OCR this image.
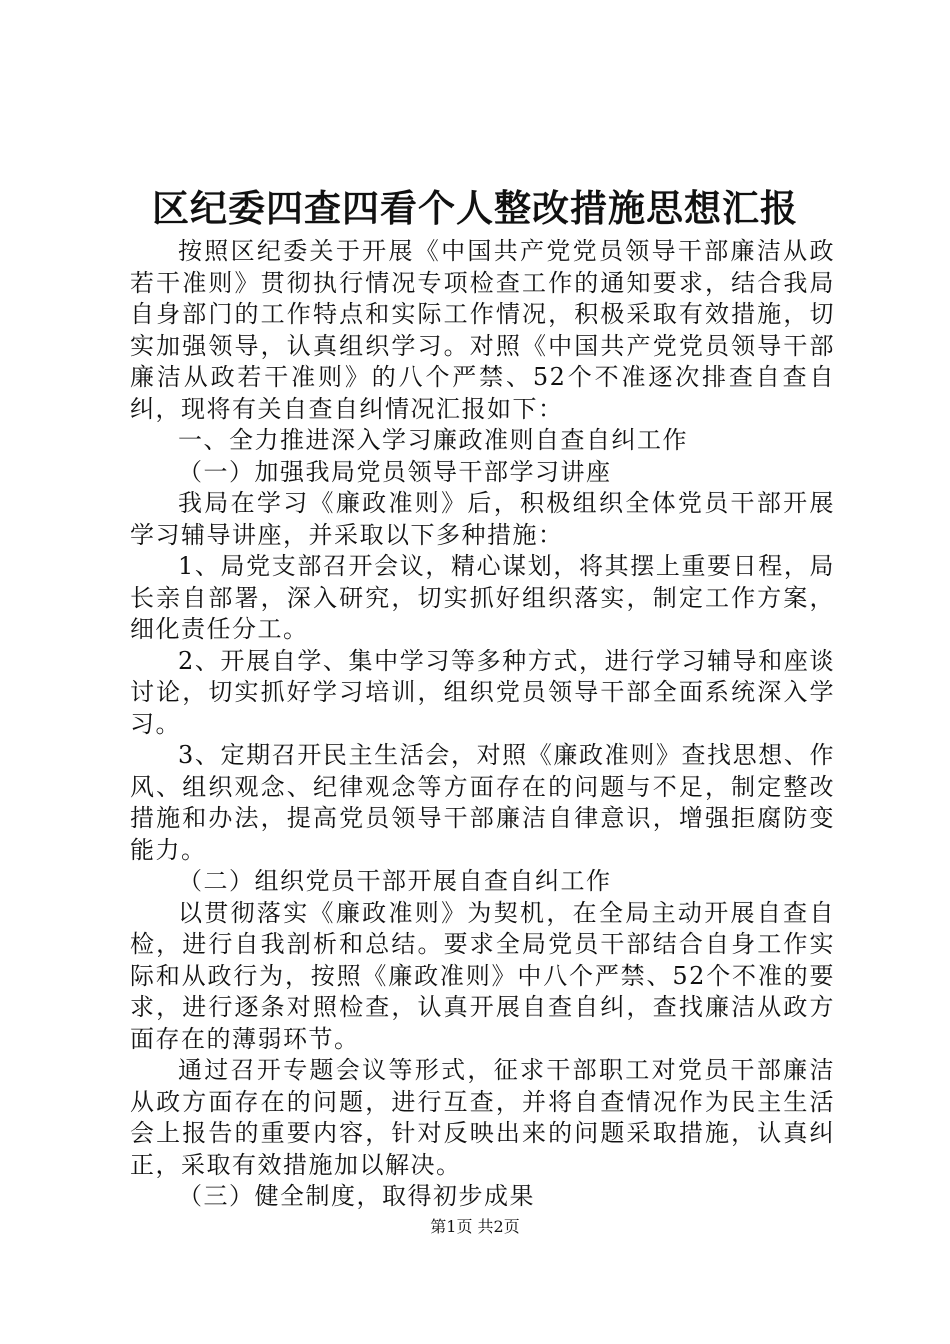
区纪委四查四看个人整改措施思想汇报

按照区纪委关于开展《中国共产党党员领导干部廉洁从政若干准则》贯彻执行情况专项检查工作的通知要求，结合我局自身部门的工作特点和实际工作情况，积极采取有效措施，切实加强领导，认真组织学习。对照《中国共产党党员领导干部廉洁从政若干准则》的八个严禁、52个不准逐次排查自查自纠，现将有关自查自纠情况汇报如下：

一、全力推进深入学习廉政准则自查自纠工作

（一）加强我局党员领导干部学习讲座

我局在学习《廉政准则》后，积极组织全体党员干部开展学习辅导讲座，并采取以下多种措施：

1、局党支部召开会议，精心谋划，将其摆上重要日程，局长亲自部署，深入研究，切实抓好组织落实，制定工作方案，细化责任分工。

2、开展自学、集中学习等多种方式，进行学习辅导和座谈讨论，切实抓好学习培训，组织党员领导干部全面系统深入学习。

3、定期召开民主生活会，对照《廉政准则》查找思想、作风、组织观念、纪律观念等方面存在的问题与不足，制定整改措施和办法，提高党员领导干部廉洁自律意识，增强拒腐防变能力。

（二）组织党员干部开展自查自纠工作

以贯彻落实《廉政准则》为契机，在全局主动开展自查自检，进行自我剖析和总结。要求全局党员干部结合自身工作实际和从政行为，按照《廉政准则》中八个严禁、52个不准的要求，进行逐条对照检查，认真开展自查自纠，查找廉洁从政方面存在的薄弱环节。

通过召开专题会议等形式，征求干部职工对党员干部廉洁从政方面存在的问题，进行互查，并将自查情况作为民主生活会上报告的重要内容，针对反映出来的问题采取措施，认真纠正，采取有效措施加以解决。

（三）健全制度，取得初步成果

第1页 共2页
